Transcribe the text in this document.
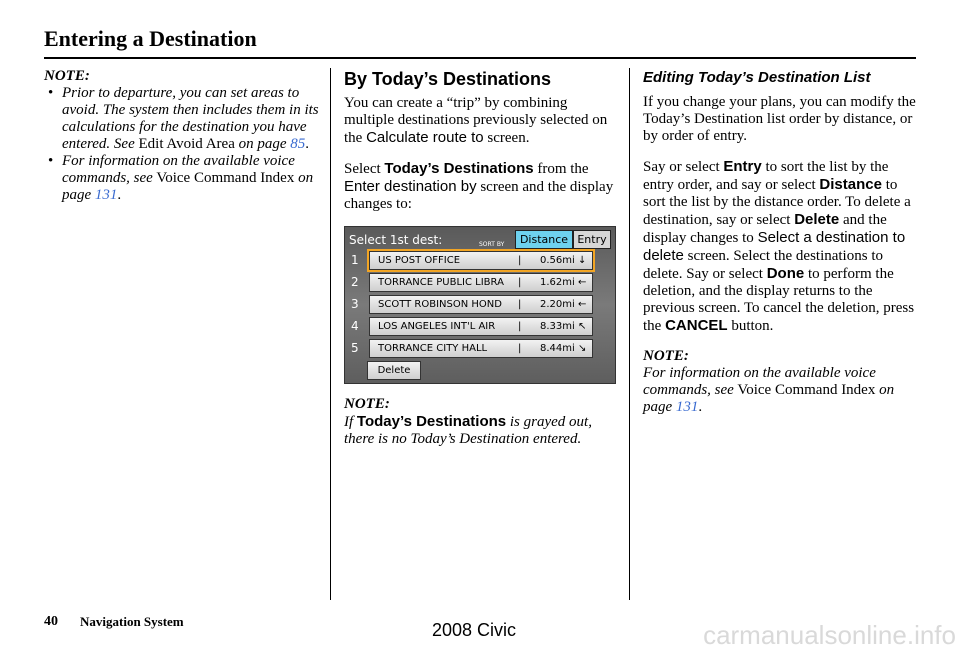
Entering a Destination
NOTE:
• Prior to departure, you can set areas to avoid. The system then includes them in its calculations for the destination you have entered. See Edit Avoid Area on page 85.
• For information on the available voice commands, see Voice Command Index on page 131.
By Today’s Destinations

You can create a “trip” by combining multiple destinations previously selected on the Calculate route to screen.

Select Today’s Destinations from the Enter destination by screen and the display changes to:

Select 1st dest:	SORT BY	Distance Entry
1 US POST OFFICE	| 0.56mi ↓
2 TORRANCE PUBLIC LIBRA | 1.62mi ←
3 SCOTT ROBINSON HOND | 2.20mi ←
4 LOS ANGELES INT'L AIR | 8.33mi ↖
5 TORRANCE CITY HALL	| 8.44mi ↘
Delete
NOTE:
If Today’s Destinations is grayed out, there is no Today’s Destination entered.
Editing Today’s Destination List

If you change your plans, you can modify the Today’s Destination list order by distance, or by order of entry.

Say or select Entry to sort the list by the entry order, and say or select Distance to sort the list by the distance order. To delete a destination, say or select Delete and the display changes to Select a destination to delete screen. Select the destinations to delete. Say or select Done to perform the deletion, and the display returns to the previous screen. To cancel the deletion, press the CANCEL button.

NOTE:
For information on the available voice commands, see Voice Command Index on page 131.
40 Navigation System	2008 Civic	carmanualsonline.info
